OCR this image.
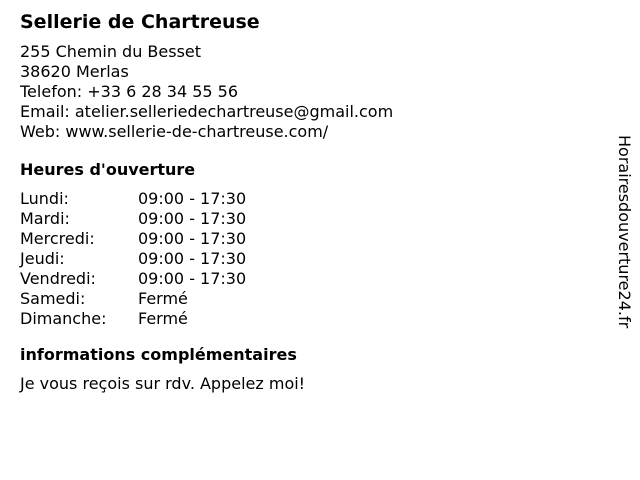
Sellerie de Chartreuse
255 Chemin du Besset
38620 Merlas
Telefon: +33 6 28 34 55 56
Email: atelier.selleriedechartreuse@gmail.com
Web: www.sellerie-de-chartreuse.com/
Heures d'ouverture
Lundi:	09:00 - 17:30
Mardi:	09:00 - 17:30
Mercredi:	09:00 - 17:30
Jeudi:	09:00 - 17:30
Vendredi:	09:00 - 17:30
Samedi:	Fermé
Dimanche:	Fermé
informations complémentaires
Je vous reçois sur rdv. Appelez moi!
Horairesdouverture24.fr
